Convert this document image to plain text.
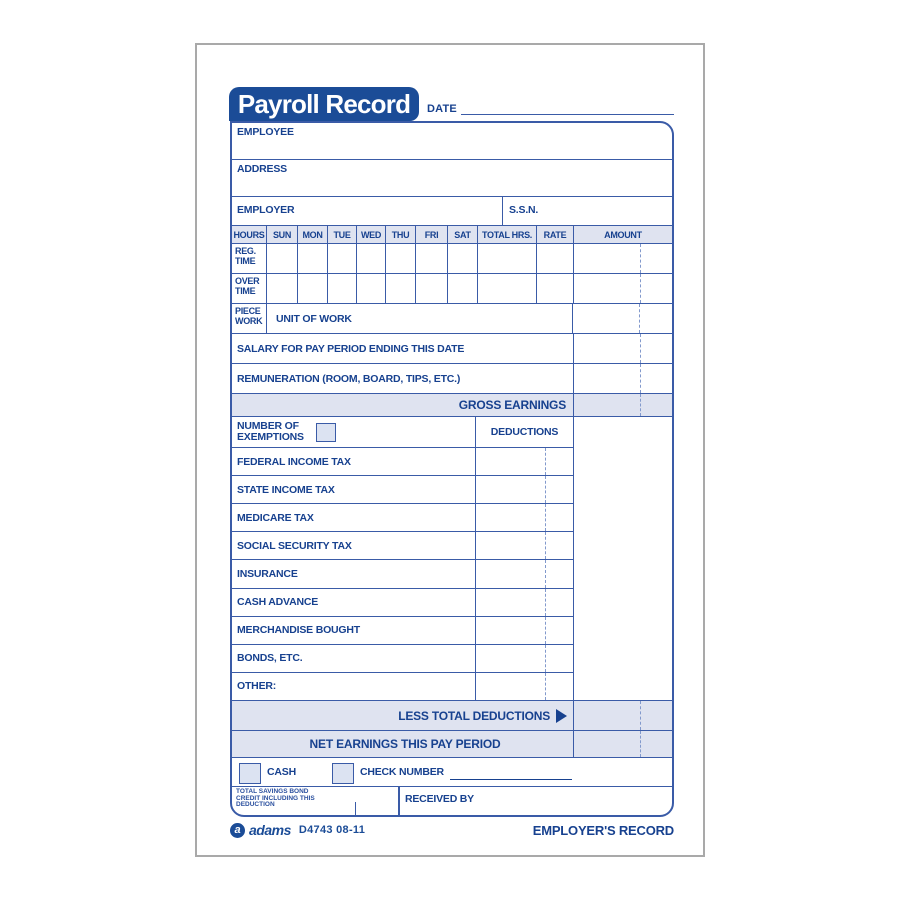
Payroll Record DATE
EMPLOYEE
ADDRESS
EMPLOYER	S.S.N.
HOURS SUN	MON	TUE	WED	THU	FRI	SAT	TOTAL HRS.	RATE	AMOUNT
REG. TIME
OVER TIME
PIECE WORK	UNIT OF WORK
SALARY FOR PAY PERIOD ENDING THIS DATE
REMUNERATION (ROOM, BOARD, TIPS, ETC.)
GROSS EARNINGS
NUMBER OF EXEMPTIONS	DEDUCTIONS
FEDERAL INCOME TAX
STATE INCOME TAX
MEDICARE TAX
SOCIAL SECURITY TAX
INSURANCE
CASH ADVANCE
MERCHANDISE BOUGHT
BONDS, ETC.
OTHER:
LESS TOTAL DEDUCTIONS
NET EARNINGS THIS PAY PERIOD
CASH	CHECK NUMBER
TOTAL SAVINGS BOND CREDIT INCLUDING THIS DEDUCTION	RECEIVED BY
a adams D4743 08-11	EMPLOYER'S RECORD
